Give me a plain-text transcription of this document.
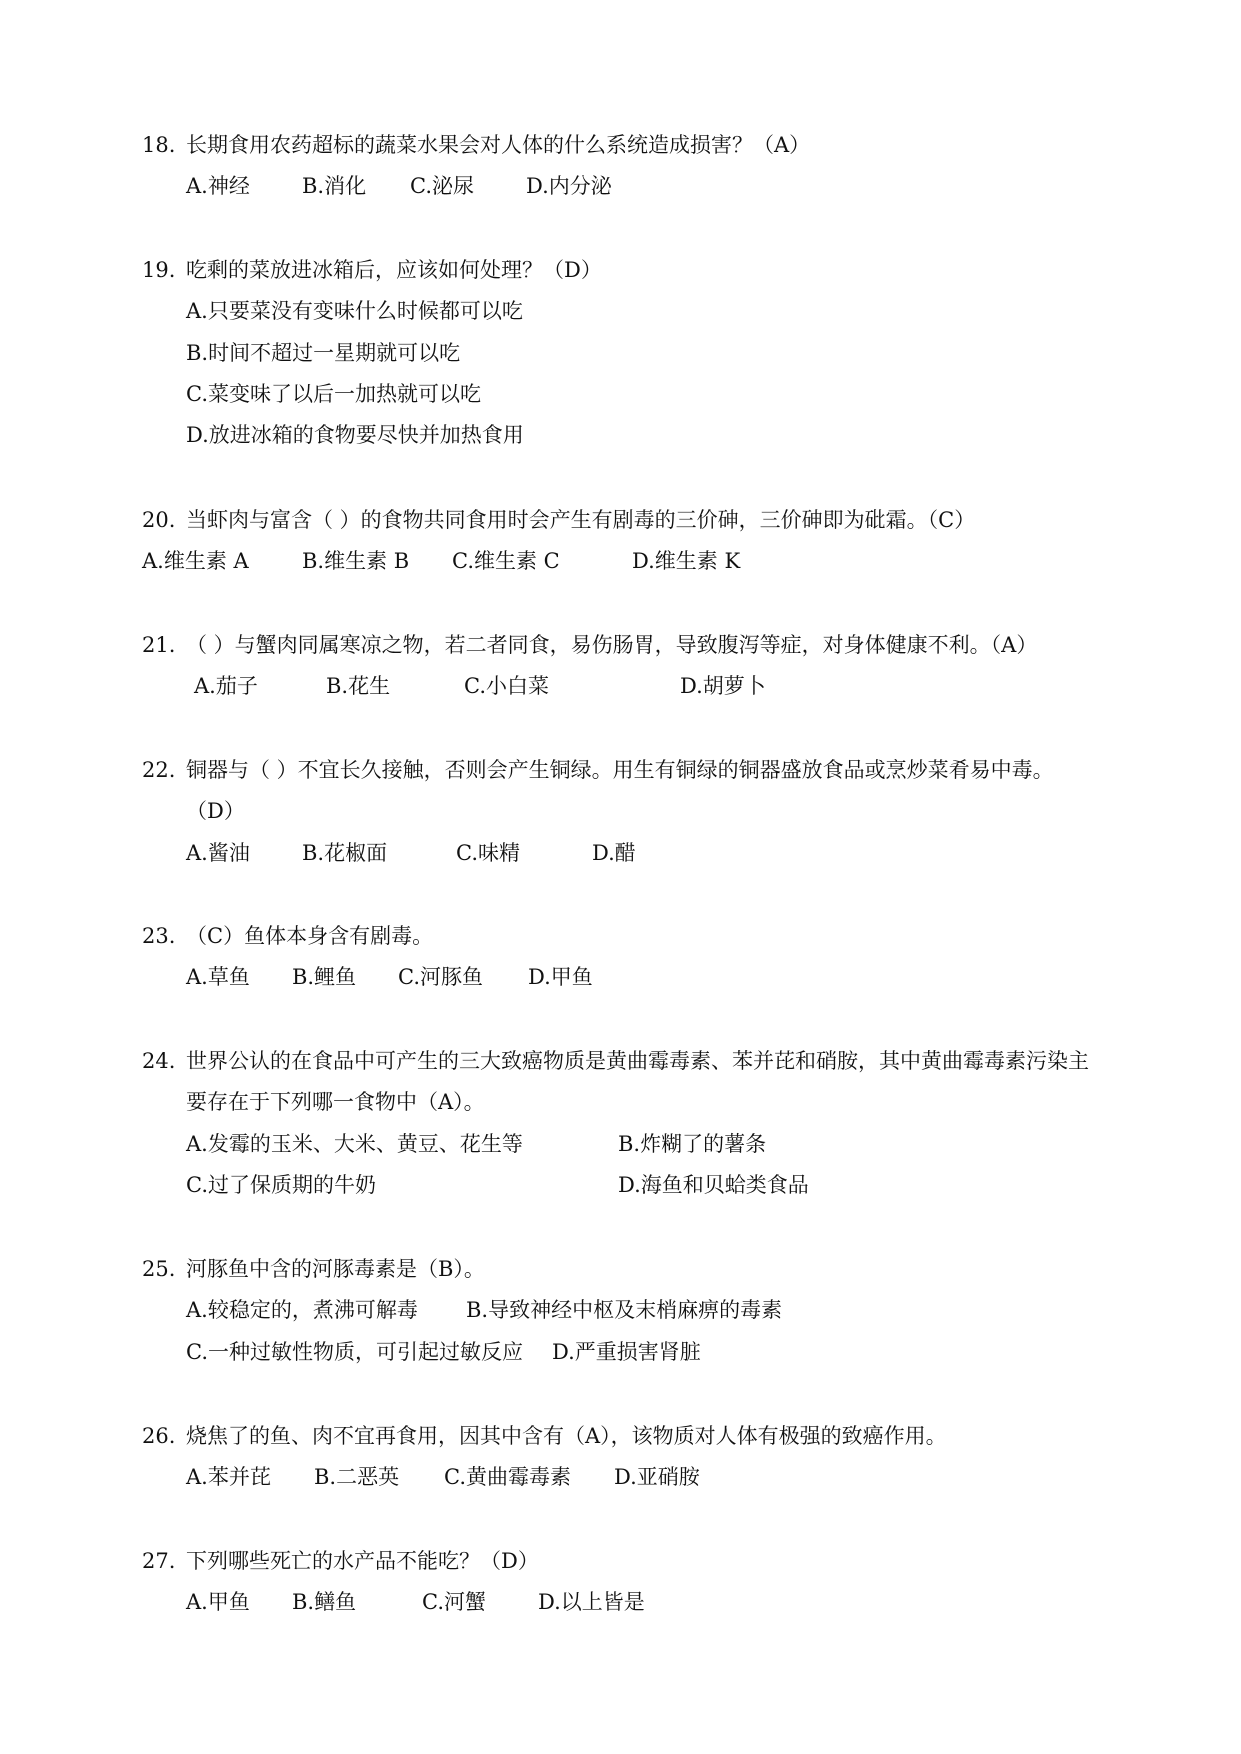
18. 长期食用农药超标的蔬菜水果会对人体的什么系统造成损害？（A）
A.神经 B.消化 C.泌尿 D.内分泌
19. 吃剩的菜放进冰箱后，应该如何处理？（D）
A.只要菜没有变味什么时候都可以吃
B.时间不超过一星期就可以吃
C.菜变味了以后一加热就可以吃
D.放进冰箱的食物要尽快并加热食用
20. 当虾肉与富含（ ）的食物共同食用时会产生有剧毒的三价砷，三价砷即为砒霜。（C）
A.维生素 A	B.维生素 B C.维生素 C	D.维生素 K
21. （ ）与蟹肉同属寒凉之物，若二者同食，易伤肠胃，导致腹泻等症，对身体健康不利。（A）
A.茄子	B.花生	C.小白菜	D.胡萝卜
22. 铜器与（ ）不宜长久接触，否则会产生铜绿。用生有铜绿的铜器盛放食品或烹炒菜肴易中毒。
（D）
A.酱油 B.花椒面	C.味精	D.醋
23. （C）鱼体本身含有剧毒。
A.草鱼 B.鲤鱼 C.河豚鱼 D.甲鱼
24. 世界公认的在食品中可产生的三大致癌物质是黄曲霉毒素、苯并芘和硝胺，其中黄曲霉毒素污染主
要存在于下列哪一食物中（A）。
A.发霉的玉米、大米、黄豆、花生等	B.炸糊了的薯条
C.过了保质期的牛奶	D.海鱼和贝蛤类食品
25. 河豚鱼中含的河豚毒素是（B）。
A.较稳定的，煮沸可解毒 B.导致神经中枢及末梢麻痹的毒素
C.一种过敏性物质，可引起过敏反应 D.严重损害肾脏
26. 烧焦了的鱼、肉不宜再食用，因其中含有（A），该物质对人体有极强的致癌作用。
A.苯并芘 B.二恶英 C.黄曲霉毒素 D.亚硝胺
27. 下列哪些死亡的水产品不能吃？（D）
A.甲鱼 B.鳝鱼	C.河蟹 D.以上皆是
